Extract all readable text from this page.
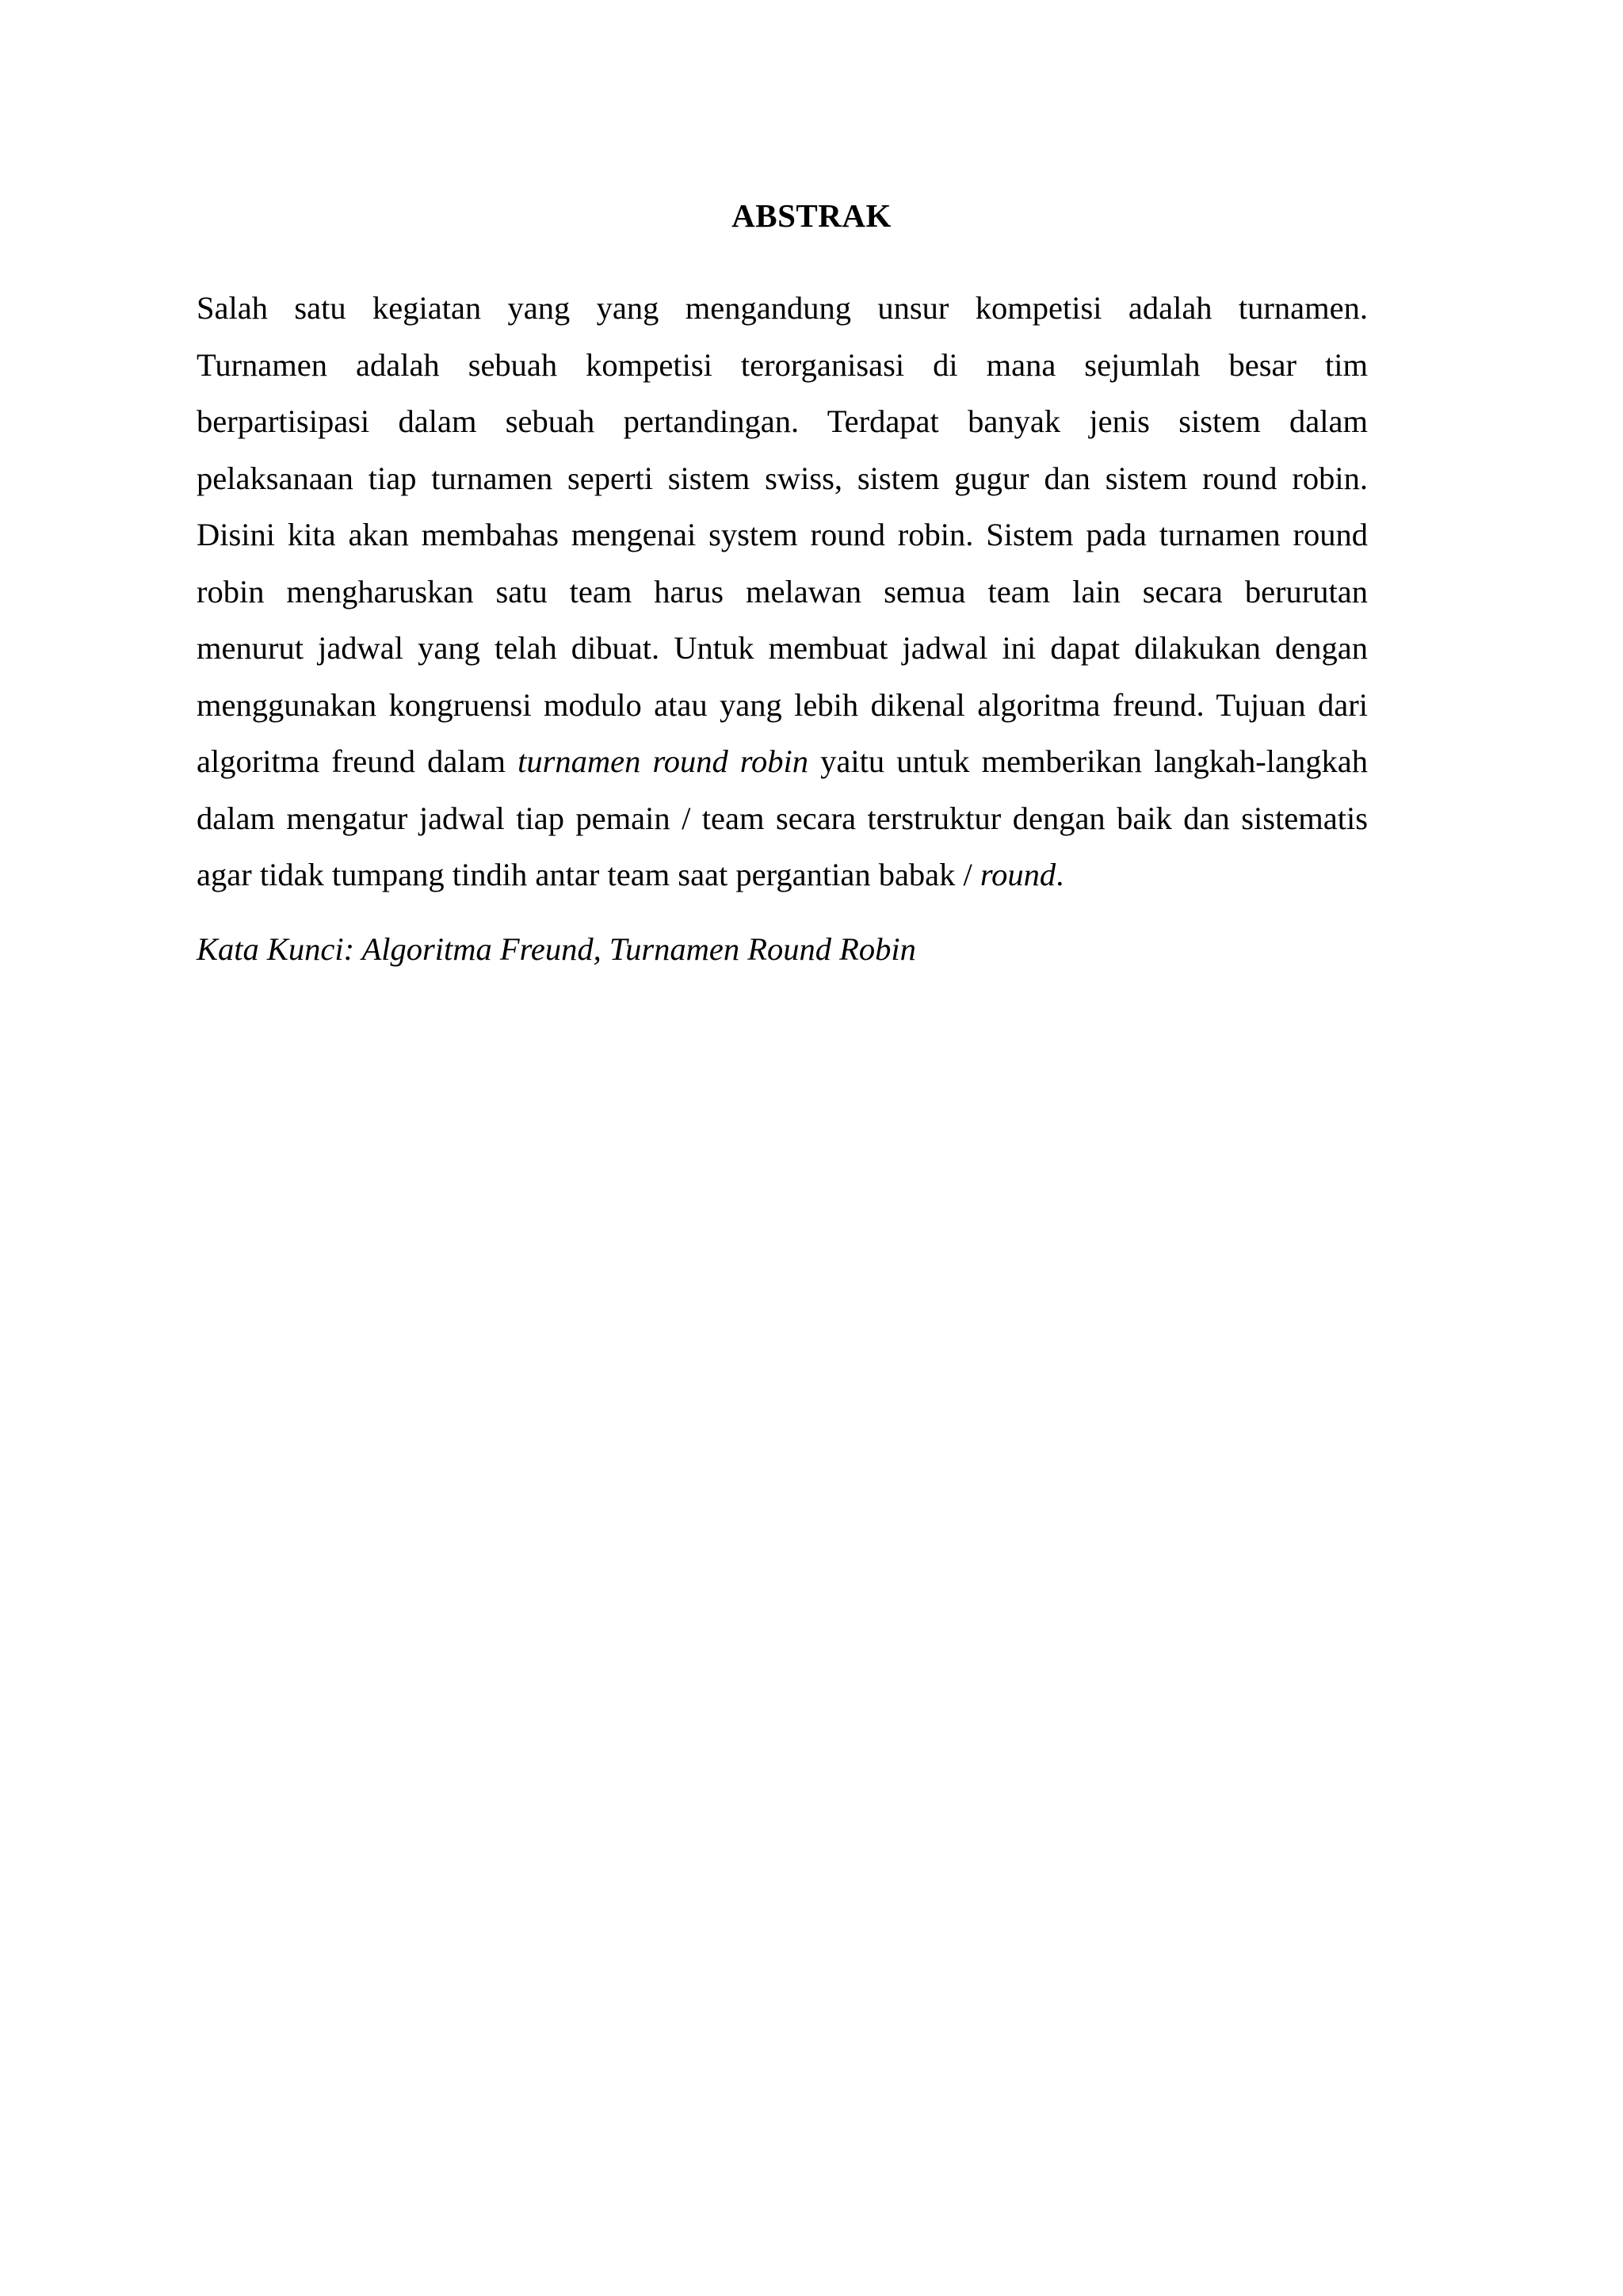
ABSTRAK
Salah satu kegiatan yang yang mengandung unsur kompetisi adalah turnamen.
Turnamen adalah sebuah kompetisi terorganisasi di mana sejumlah besar tim
berpartisipasi dalam sebuah pertandingan. Terdapat banyak jenis sistem dalam
pelaksanaan tiap turnamen seperti sistem swiss, sistem gugur dan sistem round robin.
Disini kita akan membahas mengenai system round robin. Sistem pada turnamen round
robin mengharuskan satu team harus melawan semua team lain secara berurutan
menurut jadwal yang telah dibuat. Untuk membuat jadwal ini dapat dilakukan dengan
menggunakan kongruensi modulo atau yang lebih dikenal algoritma freund. Tujuan dari
algoritma freund dalam turnamen round robin yaitu untuk memberikan langkah-langkah
dalam mengatur jadwal tiap pemain / team secara terstruktur dengan baik dan sistematis
agar tidak tumpang tindih antar team saat pergantian babak / round.
Kata Kunci: Algoritma Freund, Turnamen Round Robin
